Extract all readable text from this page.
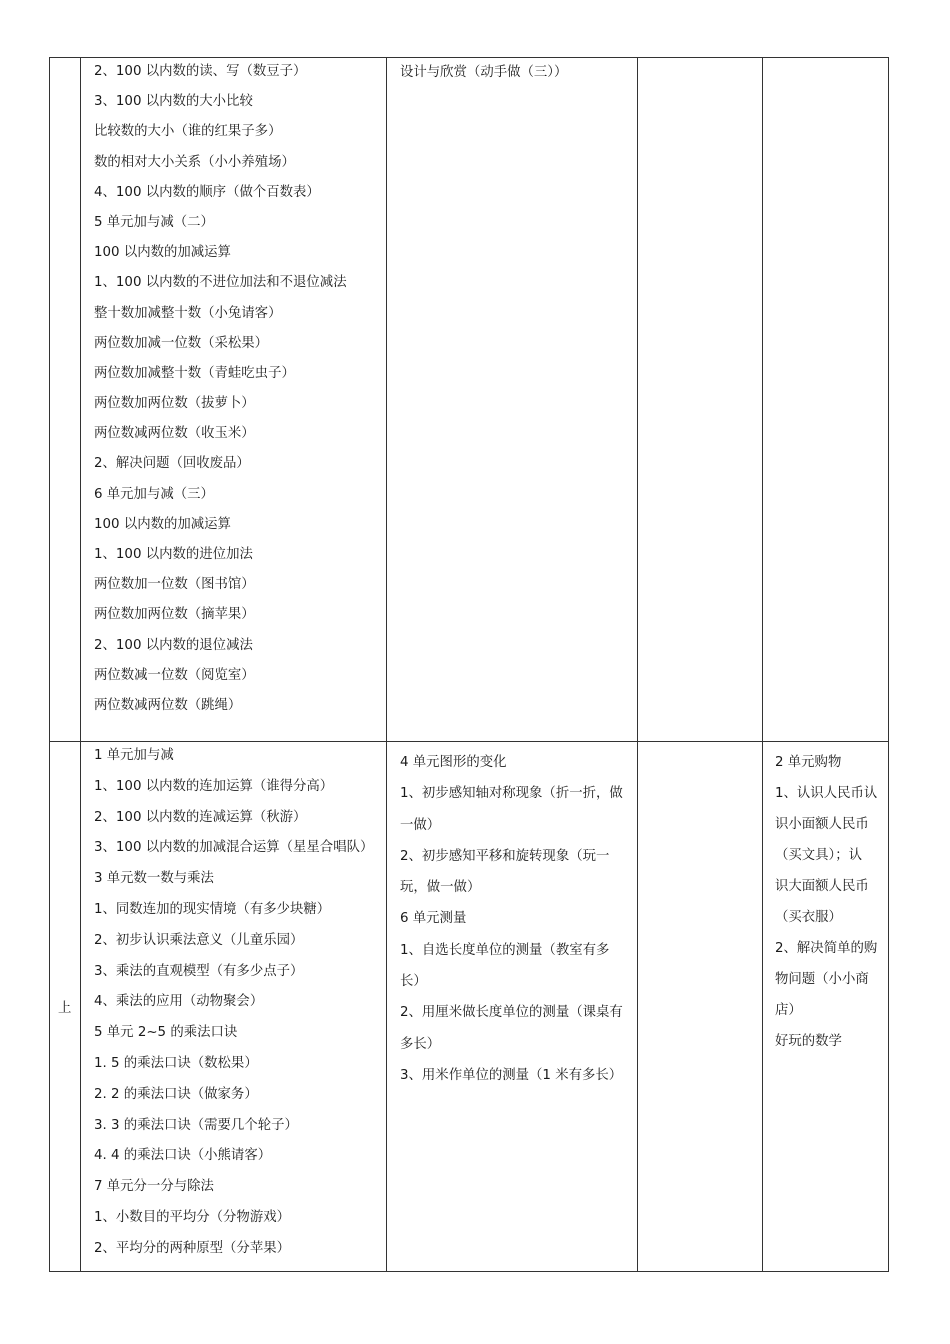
2、100 以内数的读、写（数豆子）
3、100 以内数的大小比较
比较数的大小（谁的红果子多）
数的相对大小关系（小小养殖场）
4、100 以内数的顺序（做个百数表）
5 单元加与减（二）
100 以内数的加减运算
1、100 以内数的不进位加法和不退位减法
整十数加减整十数（小兔请客）
两位数加减一位数（采松果）
两位数加减整十数（青蛙吃虫子）
两位数加两位数（拔萝卜）
两位数减两位数（收玉米）
2、解决问题（回收废品）
6 单元加与减（三）
100 以内数的加减运算
1、100 以内数的进位加法
两位数加一位数（图书馆）
两位数加两位数（摘苹果）
2、100 以内数的退位减法
两位数减一位数（阅览室）
两位数减两位数（跳绳）
设计与欣赏（动手做（三））
上
1 单元加与减
1、100 以内数的连加运算（谁得分高）
2、100 以内数的连减运算（秋游）
3、100 以内数的加减混合运算（星星合唱队）
3 单元数一数与乘法
1、同数连加的现实情境（有多少块糖）
2、初步认识乘法意义（儿童乐园）
3、乘法的直观模型（有多少点子）
4、乘法的应用（动物聚会）
5 单元 2~5 的乘法口诀
1. 5 的乘法口诀（数松果）
2. 2 的乘法口诀（做家务）
3. 3 的乘法口诀（需要几个轮子）
4. 4 的乘法口诀（小熊请客）
7 单元分一分与除法
1、小数目的平均分（分物游戏）
2、平均分的两种原型（分苹果）
4 单元图形的变化
1、初步感知轴对称现象（折一折，做
一做）
2、初步感知平移和旋转现象（玩一
玩，做一做）
6 单元测量
1、自选长度单位的测量（教室有多
长）
2、用厘米做长度单位的测量（课桌有
多长）
3、用米作单位的测量（1 米有多长）
2 单元购物
1、认识人民币认
识小面额人民币
（买文具）；认
识大面额人民币
（买衣服）
2、解决简单的购
物问题（小小商
店）
好玩的数学
